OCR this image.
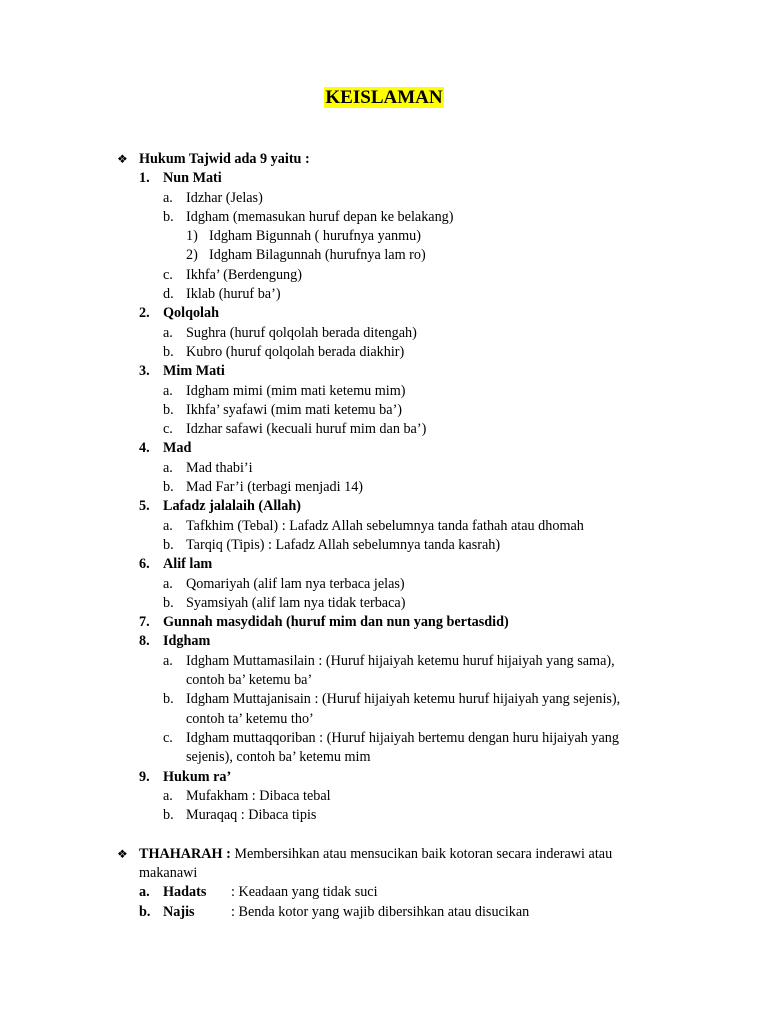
KEISLAMAN
❖ Hukum Tajwid ada 9 yaitu :
1. Nun Mati
a. Idzhar (Jelas)
b. Idgham (memasukan huruf depan ke belakang)
1) Idgham Bigunnah ( hurufnya yanmu)
2) Idgham Bilagunnah (hurufnya lam ro)
c. Ikhfa’ (Berdengung)
d. Iklab (huruf ba’)
2. Qolqolah
a. Sughra (huruf qolqolah berada ditengah)
b. Kubro (huruf qolqolah berada diakhir)
3. Mim Mati
a. Idgham mimi (mim mati ketemu mim)
b. Ikhfa’ syafawi (mim mati ketemu ba’)
c. Idzhar safawi (kecuali huruf mim dan ba’)
4. Mad
a. Mad thabi’i
b. Mad Far’i (terbagi menjadi 14)
5. Lafadz jalalaih (Allah)
a. Tafkhim (Tebal) : Lafadz Allah sebelumnya tanda fathah atau dhomah
b. Tarqiq (Tipis) : Lafadz Allah sebelumnya tanda kasrah)
6. Alif lam
a. Qomariyah (alif lam nya terbaca jelas)
b. Syamsiyah (alif lam nya tidak terbaca)
7. Gunnah masydidah (huruf mim dan nun yang bertasdid)
8. Idgham
a. Idgham Muttamasilain : (Huruf hijaiyah ketemu huruf hijaiyah yang sama),
contoh ba’ ketemu ba’
b. Idgham Muttajanisain : (Huruf hijaiyah ketemu huruf hijaiyah yang sejenis),
contoh ta’ ketemu tho’
c. Idgham muttaqqoriban : (Huruf hijaiyah bertemu dengan huru hijaiyah yang
sejenis), contoh ba’ ketemu mim
9. Hukum ra’
a. Mufakham : Dibaca tebal
b. Muraqaq : Dibaca tipis
❖ THAHARAH : Membersihkan atau mensucikan baik kotoran secara inderawi atau
makanawi
a. Hadats : Keadaan yang tidak suci
b. Najis	: Benda kotor yang wajib dibersihkan atau disucikan
